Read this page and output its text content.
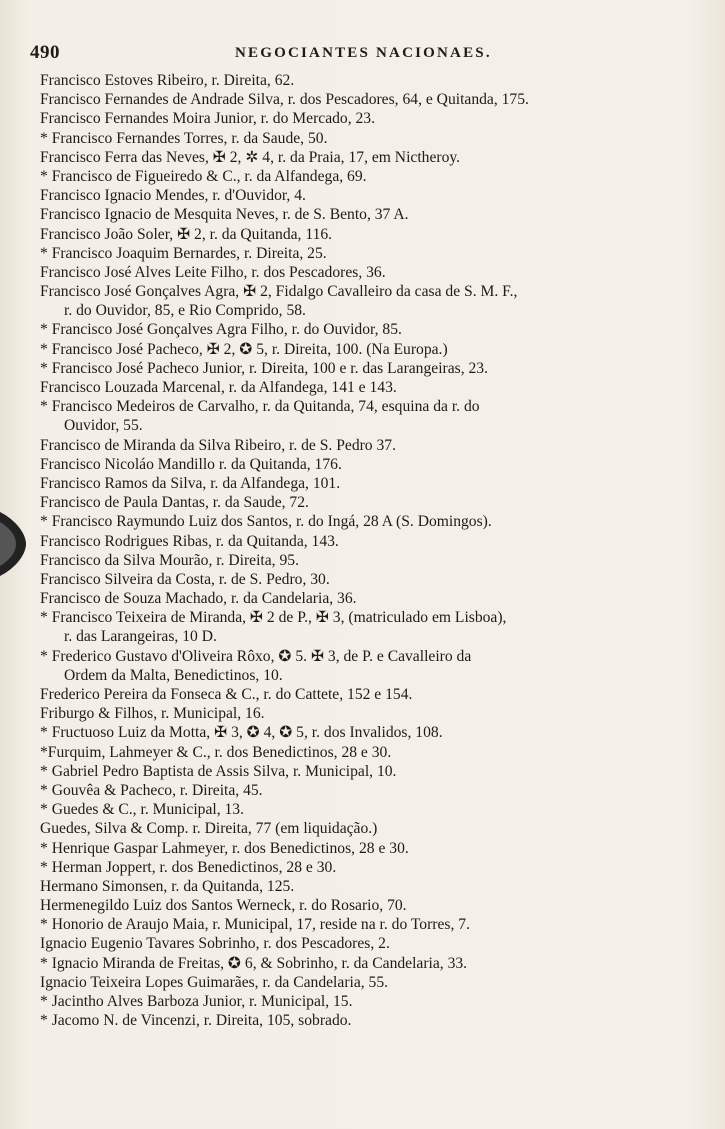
490	NEGOCIANTES NACIONAES.
Francisco Estoves Ribeiro, r. Direita, 62.
Francisco Fernandes de Andrade Silva, r. dos Pescadores, 64, e Quitanda, 175.
Francisco Fernandes Moira Junior, r. do Mercado, 23.
* Francisco Fernandes Torres, r. da Saude, 50.
Francisco Ferra das Neves, ✠ 2, ✲ 4, r. da Praia, 17, em Nictheroy.
* Francisco de Figueiredo & C., r. da Alfandega, 69.
Francisco Ignacio Mendes, r. d'Ouvidor, 4.
Francisco Ignacio de Mesquita Neves, r. de S. Bento, 37 A.
Francisco João Soler, ✠ 2, r. da Quitanda, 116.
* Francisco Joaquim Bernardes, r. Direita, 25.
Francisco José Alves Leite Filho, r. dos Pescadores, 36.
Francisco José Gonçalves Agra, ✠ 2, Fidalgo Cavalleiro da casa de S. M. F.,
r. do Ouvidor, 85, e Rio Comprido, 58.
* Francisco José Gonçalves Agra Filho, r. do Ouvidor, 85.
* Francisco José Pacheco, ✠ 2, ✪ 5, r. Direita, 100. (Na Europa.)
* Francisco José Pacheco Junior, r. Direita, 100 e r. das Larangeiras, 23.
Francisco Louzada Marcenal, r. da Alfandega, 141 e 143.
* Francisco Medeiros de Carvalho, r. da Quitanda, 74, esquina da r. do
Ouvidor, 55.
Francisco de Miranda da Silva Ribeiro, r. de S. Pedro 37.
Francisco Nicoláo Mandillo r. da Quitanda, 176.
Francisco Ramos da Silva, r. da Alfandega, 101.
Francisco de Paula Dantas, r. da Saude, 72.
* Francisco Raymundo Luiz dos Santos, r. do Ingá, 28 A (S. Domingos).
Francisco Rodrigues Ribas, r. da Quitanda, 143.
Francisco da Silva Mourão, r. Direita, 95.
Francisco Silveira da Costa, r. de S. Pedro, 30.
Francisco de Souza Machado, r. da Candelaria, 36.
* Francisco Teixeira de Miranda, ✠ 2 de P., ✠ 3, (matriculado em Lisboa),
r. das Larangeiras, 10 D.
* Frederico Gustavo d'Oliveira Rôxo, ✪ 5. ✠ 3, de P. e Cavalleiro da
Ordem da Malta, Benedictinos, 10.
Frederico Pereira da Fonseca & C., r. do Cattete, 152 e 154.
Friburgo & Filhos, r. Municipal, 16.
* Fructuoso Luiz da Motta, ✠ 3, ✪ 4, ✪ 5, r. dos Invalidos, 108.
*Furquim, Lahmeyer & C., r. dos Benedictinos, 28 e 30.
* Gabriel Pedro Baptista de Assis Silva, r. Municipal, 10.
* Gouvêa & Pacheco, r. Direita, 45.
* Guedes & C., r. Municipal, 13.
Guedes, Silva & Comp. r. Direita, 77 (em liquidação.)
* Henrique Gaspar Lahmeyer, r. dos Benedictinos, 28 e 30.
* Herman Joppert, r. dos Benedictinos, 28 e 30.
Hermano Simonsen, r. da Quitanda, 125.
Hermenegildo Luiz dos Santos Werneck, r. do Rosario, 70.
* Honorio de Araujo Maia, r. Municipal, 17, reside na r. do Torres, 7.
Ignacio Eugenio Tavares Sobrinho, r. dos Pescadores, 2.
* Ignacio Miranda de Freitas, ✪ 6, & Sobrinho, r. da Candelaria, 33.
Ignacio Teixeira Lopes Guimarães, r. da Candelaria, 55.
* Jacintho Alves Barboza Junior, r. Municipal, 15.
* Jacomo N. de Vincenzi, r. Direita, 105, sobrado.
